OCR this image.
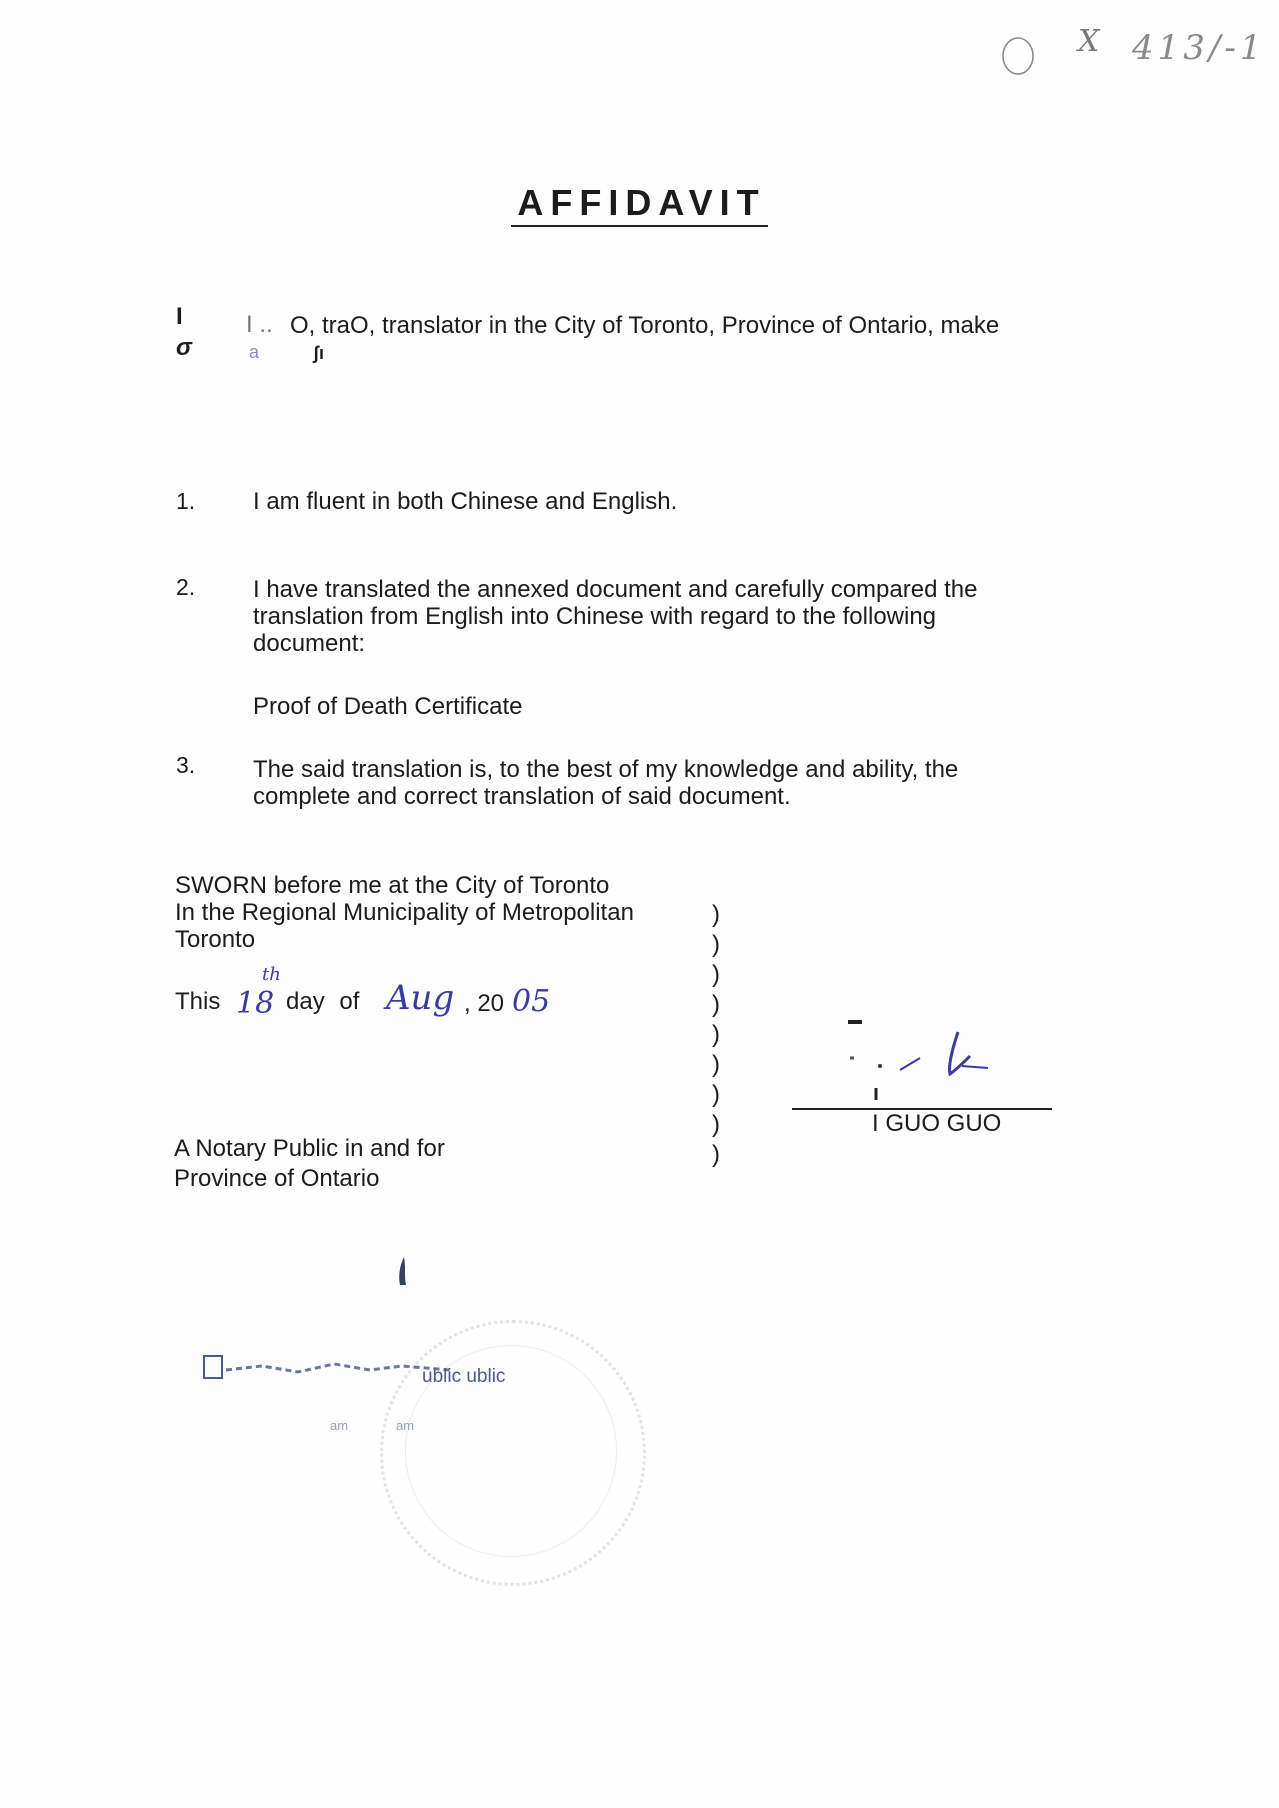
X 413/-1
AFFIDAVIT
I
σ
I .. O, traO, translator in the City of Toronto, Province of Ontario, make
a	ʃı
1. I am fluent in both Chinese and English.
2. I have translated the annexed document and carefully compared the translation from English into Chinese with regard to the following document:
Proof of Death Certificate
3. The said translation is, to the best of my knowledge and ability, the complete and correct translation of said document.
SWORN before me at the City of Toronto
In the Regional Municipality of Metropolitan
Toronto
This 18
th
day of Aug , 20 05
)
)
)
)
)
)
)
)
)
I GUO GUO
A Notary Public in and for
Province of Ontario
ublic ublic
am	am
